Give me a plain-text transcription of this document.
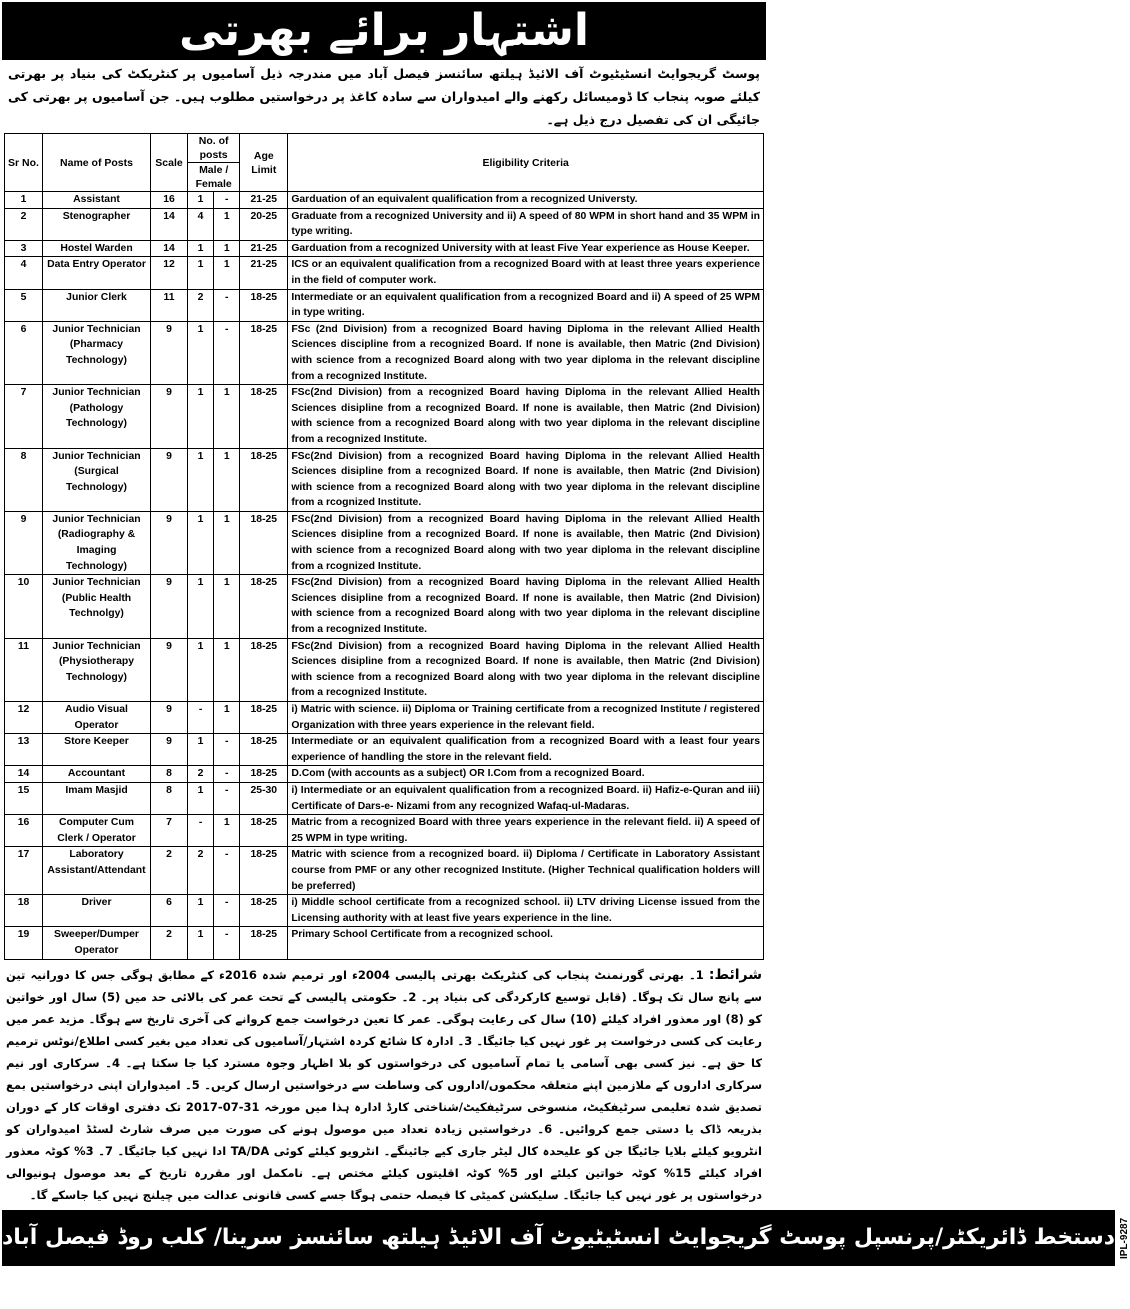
اشتہار برائے بھرتی
پوسٹ گریجوایٹ انسٹیٹیوٹ آف الائیڈ ہیلتھ سائنسز فیصل آباد میں مندرجہ ذیل آسامیوں پر کنٹریکٹ کی بنیاد پر بھرتی کیلئے صوبہ پنجاب کا ڈومیسائل رکھنے والے امیدواران سے سادہ کاغذ پر درخواستیں مطلوب ہیں۔ جن آسامیوں پر بھرتی کی جائیگی ان کی تفصیل درج ذیل ہے۔
Sr No.	Name of Posts	Scale	No. of posts		Age Limit	Eligibility Criteria
			Male / Female			
1	Assistant	16	1	-	21-25	Garduation of an equivalent qualification from a recognized Universty.
2	Stenographer	14	4	1	20-25	Graduate from a recognized University and ii) A speed of 80 WPM in short hand and 35 WPM in type writing.
3	Hostel Warden	14	1	1	21-25	Garduation from a recognized University with at least Five Year experience as House Keeper.
4	Data Entry Operator	12	1	1	21-25	ICS or an equivalent qualification from a recognized Board with at least three years experience in the field of computer work.
5	Junior Clerk	11	2	-	18-25	Intermediate or an equivalent qualification from a recognized Board and ii) A speed of 25 WPM in type writing.
6	Junior Technician (Pharmacy Technology)	9	1	-	18-25	FSc (2nd Division) from a recognized Board having Diploma in the relevant Allied Health Sciences discipline from a recognized Board. If none is available, then Matric (2nd Division) with science from a recognized Board along with two year diploma in the relevant discipline from a recognized Institute.
7	Junior Technician (Pathology Technology)	9	1	1	18-25	FSc(2nd Division) from a recognized Board having Diploma in the relevant Allied Health Sciences disipline from a recognized Board. If none is available, then Matric (2nd Division) with science from a recognized Board along with two year diploma in the relevant discipline from a recognized Institute.
8	Junior Technician (Surgical Technology)	9	1	1	18-25	FSc(2nd Division) from a recognized Board having Diploma in the relevant Allied Health Sciences disipline from a recognized Board. If none is available, then Matric (2nd Division) with science from a recognized Board along with two year diploma in the relevant discipline from a rcognized Institute.
9	Junior Technician (Radiography & Imaging Technology)	9	1	1	18-25	FSc(2nd Division) from a recognized Board having Diploma in the relevant Allied Health Sciences disipline from a recognized Board. If none is available, then Matric (2nd Division) with science from a recognized Board along with two year diploma in the relevant discipline from a rcognized Institute.
10	Junior Technician (Public Health Technolgy)	9	1	1	18-25	FSc(2nd Division) from a recognized Board having Diploma in the relevant Allied Health Sciences disipline from a recognized Board. If none is available, then Matric (2nd Division) with science from a recognized Board along with two year diploma in the relevant discipline from a recognized Institute.
11	Junior Technician (Physiotherapy Technology)	9	1	1	18-25	FSc(2nd Division) from a recognized Board having Diploma in the relevant Allied Health Sciences disipline from a recognized Board. If none is available, then Matric (2nd Division) with science from a recognized Board along with two year diploma in the relevant discipline from a recognized Institute.
12	Audio Visual Operator	9	-	1	18-25	i) Matric with science. ii) Diploma or Training certificate from a recognized Institute / registered Organization with three years experience in the relevant field.
13	Store Keeper	9	1	-	18-25	Intermediate or an equivalent qualification from a recognized Board with a least four years experience of handling the store in the relevant field.
14	Accountant	8	2	-	18-25	D.Com (with accounts as a subject) OR I.Com from a recognized Board.
15	Imam Masjid	8	1	-	25-30	i) Intermediate or an equivalent qualification from a recognized Board. ii) Hafiz-e-Quran and iii) Certificate of Dars-e- Nizami from any recognized Wafaq-ul-Madaras.
16	Computer Cum Clerk / Operator	7	-	1	18-25	Matric from a recognized Board with three years experience in the relevant field. ii) A speed of 25 WPM in type writing.
17	Laboratory Assistant/Attendant	2	2	-	18-25	Matric with science from a recognized board. ii) Diploma / Certificate in Laboratory Assistant course from PMF or any other recognized Institute. (Higher Technical qualification holders will be preferred)
18	Driver	6	1	-	18-25	i) Middle school certificate from a recognized school. ii) LTV driving License issued from the Licensing authority with at least five years experience in the line.
19	Sweeper/Dumper Operator	2	1	-	18-25	Primary School Certificate from a recognized school.
شرائط: 1۔ بھرتی گورنمنٹ پنجاب کی کنٹریکٹ بھرتی پالیسی 2004ء اور ترمیم شدہ 2016ء کے مطابق ہوگی جس کا دورانیہ تین سے پانچ سال تک ہوگا۔ (قابل توسیع کارکردگی کی بنیاد پر۔ 2۔ حکومتی پالیسی کے تحت عمر کی بالائی حد میں (5) سال اور خواتین کو (8) اور معذور افراد کیلئے (10) سال کی رعایت ہوگی۔ عمر کا تعین درخواست جمع کروانے کی آخری تاریخ سے ہوگا۔ مزید عمر میں رعایت کی کسی درخواست پر غور نہیں کیا جائیگا۔ 3۔ ادارہ کا شائع کردہ اشتہار/آسامیوں کی تعداد میں بغیر کسی اطلاع/نوٹس ترمیم کا حق ہے۔ نیز کسی بھی آسامی یا تمام آسامیوں کی درخواستوں کو بلا اظہار وجوہ مسترد کیا جا سکتا ہے۔ 4۔ سرکاری اور نیم سرکاری اداروں کے ملازمین اپنے متعلقہ محکموں/اداروں کی وساطت سے درخواستیں ارسال کریں۔ 5۔ امیدواران اپنی درخواستیں بمع تصدیق شدہ تعلیمی سرٹیفکیٹ، منسوخی سرٹیفکیٹ/شناختی کارڈ ادارہ ہذا میں مورخہ 31-07-2017 تک دفتری اوقات کار کے دوران بذریعہ ڈاک یا دستی جمع کروائیں۔ 6۔ درخواستیں زیادہ تعداد میں موصول ہونے کی صورت میں صرف شارٹ لسٹڈ امیدواران کو انٹرویو کیلئے بلایا جائیگا جن کو علیحدہ کال لیٹر جاری کیے جائینگے۔ انٹرویو کیلئے کوئی TA/DA ادا نہیں کیا جائیگا۔ 7۔ 3% کوٹہ معذور افراد کیلئے 15% کوٹہ خواتین کیلئے اور 5% کوٹہ اقلیتوں کیلئے مختص ہے۔ نامکمل اور مقررہ تاریخ کے بعد موصول ہونیوالی درخواستوں پر غور نہیں کیا جائیگا۔ سلیکشن کمیٹی کا فیصلہ حتمی ہوگا جسے کسی قانونی عدالت میں چیلنج نہیں کیا جاسکے گا۔
دستخط ڈائریکٹر/پرنسپل پوسٹ گریجوایٹ انسٹیٹیوٹ آف الائیڈ ہیلتھ سائنسز سرینا/ کلب روڈ فیصل آباد IPL-9287
